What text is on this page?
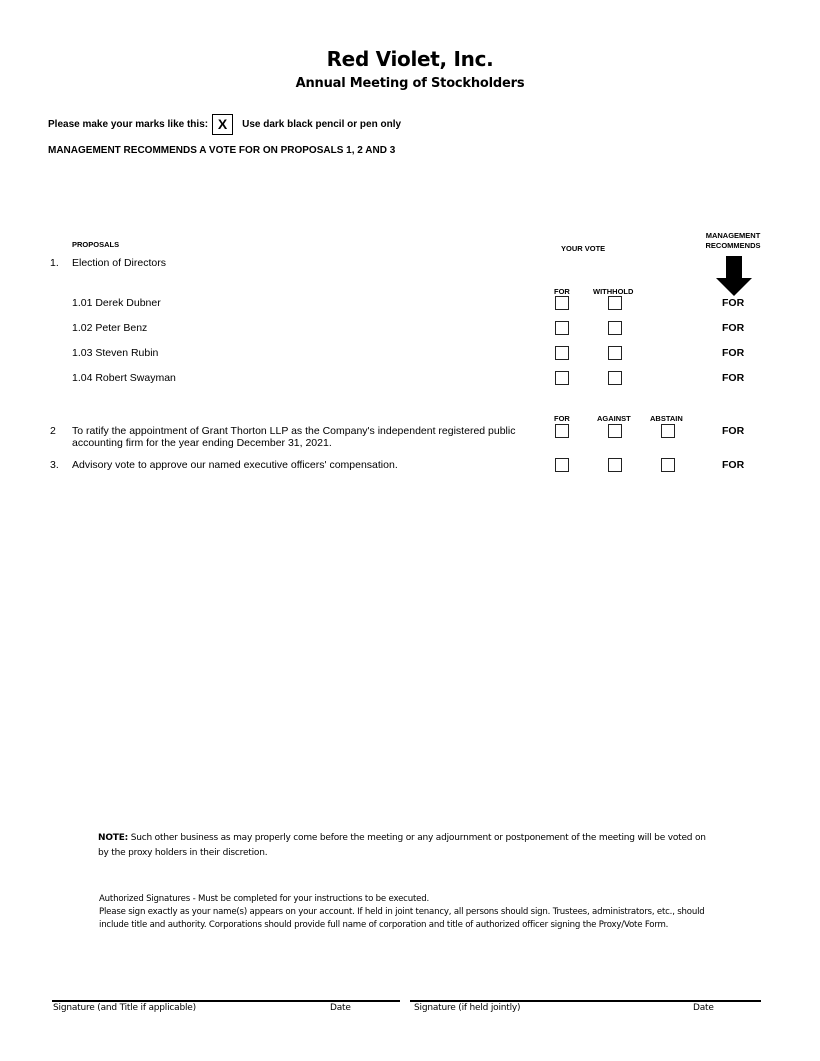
Red Violet, Inc.
Annual Meeting of Stockholders
Please make your marks like this: X	Use dark black pencil or pen only
MANAGEMENT RECOMMENDS A VOTE FOR ON PROPOSALS 1, 2 AND 3
PROPOSALS	YOUR VOTE
MANAGEMENT RECOMMENDS
1. Election of Directors
FOR	WITHHOLD
1.01 Derek Dubner	FOR
1.02 Peter Benz	FOR
1.03 Steven Rubin	FOR
1.04 Robert Swayman	FOR
FOR	AGAINST	ABSTAIN
2 To ratify the appointment of Grant Thorton LLP as the Company's independent registered public
accounting firm for the year ending December 31, 2021.
FOR
3. Advisory vote to approve our named executive officers' compensation.	FOR
NOTE: Such other business as may properly come before the meeting or any adjournment or postponement of the meeting will be voted on by the proxy holders in their discretion.
Authorized Signatures - Must be completed for your instructions to be executed.
Please sign exactly as your name(s) appears on your account. If held in joint tenancy, all persons should sign. Trustees, administrators, etc., should include title and authority. Corporations should provide full name of corporation and title of authorized officer signing the Proxy/Vote Form.
Signature (and Title if applicable)	Date	Signature (if held jointly)	Date
